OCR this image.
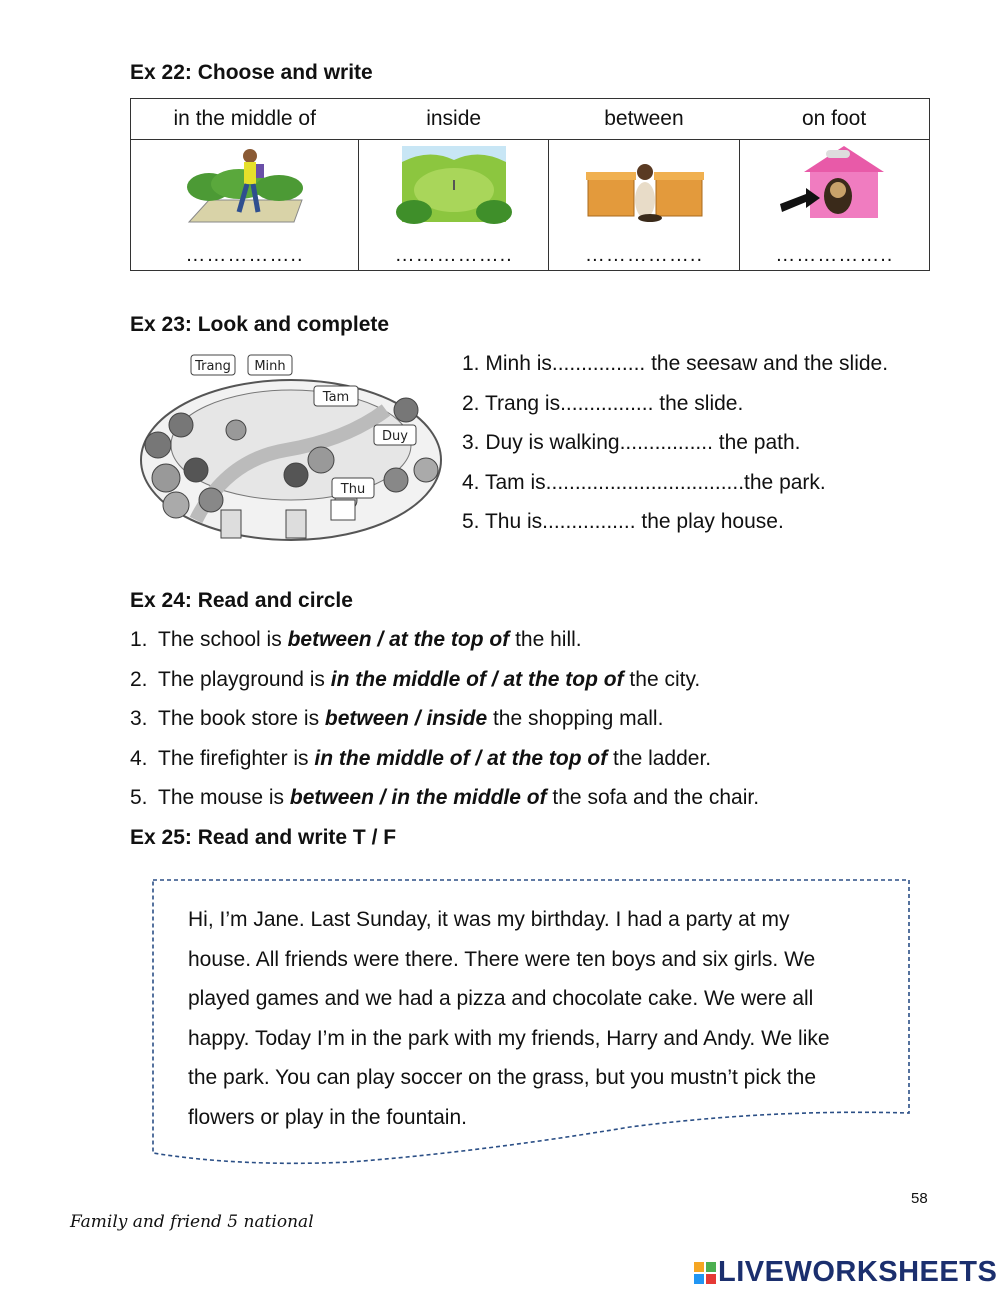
Ex 22: Choose and write
in the middle of	inside	between	on foot

……………..	……………..	……………..	……………..
Ex 23: Look and complete
Trang Minh
Tam
Duy
Thu
1. Minh is................ the seesaw and the slide.
2. Trang is................ the slide.
3. Duy is walking................ the path.
4. Tam is..................................the park.
5. Thu is................ the play house.
Ex 24: Read and circle
1. The school is between / at the top of the hill.
2. The playground is in the middle of / at the top of the city.
3. The book store is between / inside the shopping mall.
4. The firefighter is in the middle of / at the top of the ladder.
5. The mouse is between / in the middle of the sofa and the chair.
Ex 25: Read and write T / F
Hi, I’m Jane. Last Sunday, it was my birthday. I had a party at my
house. All friends were there. There were ten boys and six girls. We
played games and we had a pizza and chocolate cake. We were all
happy. Today I’m in the park with my friends, Harry and Andy. We like
the park. You can play soccer on the grass, but you mustn’t pick the
flowers or play in the fountain.
58
Family and friend 5 national
LIVEWORKSHEETS
